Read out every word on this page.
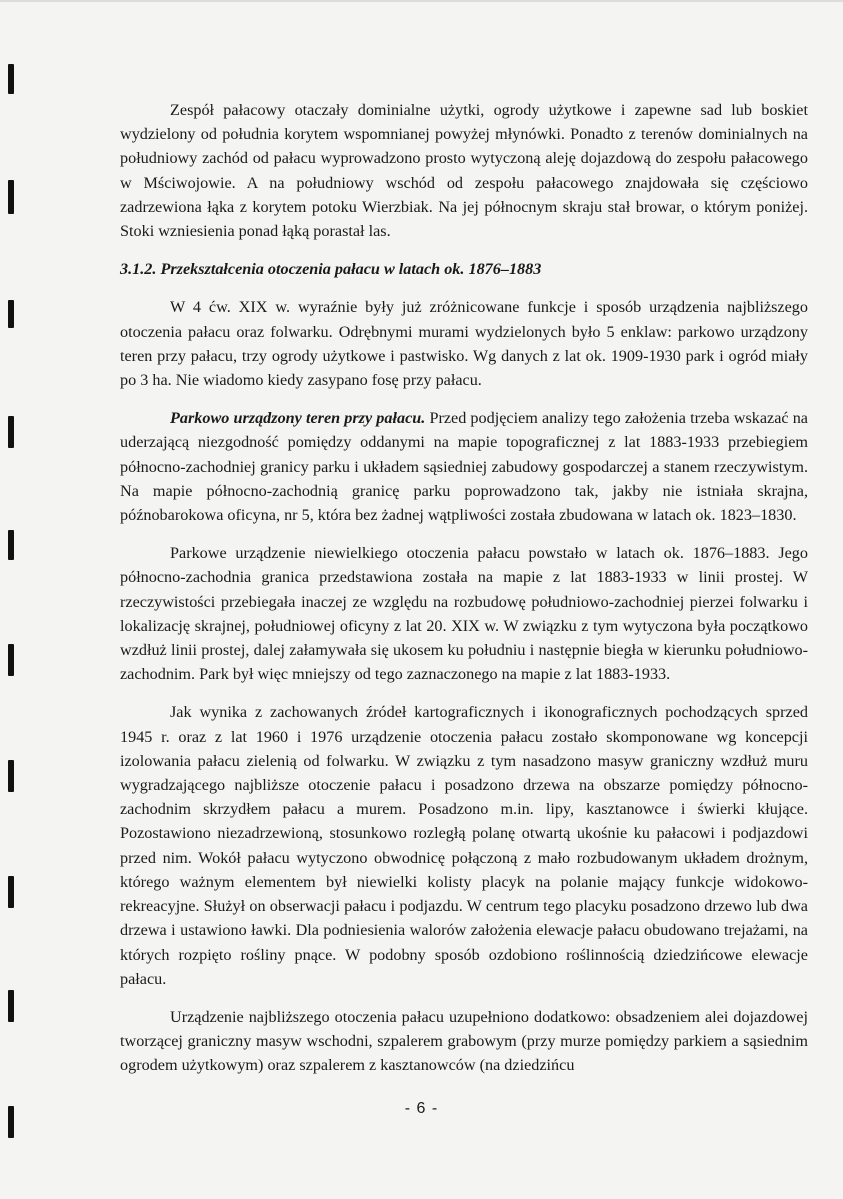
Zespół pałacowy otaczały dominialne użytki, ogrody użytkowe i zapewne sad lub boskiet wydzielony od południa korytem wspomnianej powyżej młynówki. Ponadto z terenów dominialnych na południowy zachód od pałacu wyprowadzono prosto wytyczoną aleję dojazdową do zespołu pałacowego w Mściwojowie. A na południowy wschód od zespołu pałacowego znajdowała się częściowo zadrzewiona łąka z korytem potoku Wierzbiak. Na jej północnym skraju stał browar, o którym poniżej. Stoki wzniesienia ponad łąką porastał las.

3.1.2. Przekształcenia otoczenia pałacu w latach ok. 1876–1883

W 4 ćw. XIX w. wyraźnie były już zróżnicowane funkcje i sposób urządzenia najbliższego otoczenia pałacu oraz folwarku. Odrębnymi murami wydzielonych było 5 enklaw: parkowo urządzony teren przy pałacu, trzy ogrody użytkowe i pastwisko. Wg danych z lat ok. 1909-1930 park i ogród miały po 3 ha. Nie wiadomo kiedy zasypano fosę przy pałacu.

Parkowo urządzony teren przy pałacu. Przed podjęciem analizy tego założenia trzeba wskazać na uderzającą niezgodność pomiędzy oddanymi na mapie topograficznej z lat 1883-1933 przebiegiem północno-zachodniej granicy parku i układem sąsiedniej zabudowy gospodarczej a stanem rzeczywistym. Na mapie północno-zachodnią granicę parku poprowadzono tak, jakby nie istniała skrajna, późnobarokowa oficyna, nr 5, która bez żadnej wątpliwości została zbudowana w latach ok. 1823–1830.

Parkowe urządzenie niewielkiego otoczenia pałacu powstało w latach ok. 1876–1883. Jego północno-zachodnia granica przedstawiona została na mapie z lat 1883-1933 w linii prostej. W rzeczywistości przebiegała inaczej ze względu na rozbudowę południowo-zachodniej pierzei folwarku i lokalizację skrajnej, południowej oficyny z lat 20. XIX w. W związku z tym wytyczona była początkowo wzdłuż linii prostej, dalej załamywała się ukosem ku południu i następnie biegła w kierunku południowo-zachodnim. Park był więc mniejszy od tego zaznaczonego na mapie z lat 1883-1933.

Jak wynika z zachowanych źródeł kartograficznych i ikonograficznych pochodzących sprzed 1945 r. oraz z lat 1960 i 1976 urządzenie otoczenia pałacu zostało skomponowane wg koncepcji izolowania pałacu zielenią od folwarku. W związku z tym nasadzono masyw graniczny wzdłuż muru wygradzającego najbliższe otoczenie pałacu i posadzono drzewa na obszarze pomiędzy północno-zachodnim skrzydłem pałacu a murem. Posadzono m.in. lipy, kasztanowce i świerki kłujące. Pozostawiono niezadrzewioną, stosunkowo rozległą polanę otwartą ukośnie ku pałacowi i podjazdowi przed nim. Wokół pałacu wytyczono obwodnicę połączoną z mało rozbudowanym układem drożnym, którego ważnym elementem był niewielki kolisty placyk na polanie mający funkcje widokowo-rekreacyjne. Służył on obserwacji pałacu i podjazdu. W centrum tego placyku posadzono drzewo lub dwa drzewa i ustawiono ławki. Dla podniesienia walorów założenia elewacje pałacu obudowano trejażami, na których rozpięto rośliny pnące. W podobny sposób ozdobiono roślinnością dziedzińcowe elewacje pałacu.

Urządzenie najbliższego otoczenia pałacu uzupełniono dodatkowo: obsadzeniem alei dojazdowej tworzącej graniczny masyw wschodni, szpalerem grabowym (przy murze pomiędzy parkiem a sąsiednim ogrodem użytkowym) oraz szpalerem z kasztanowców (na dziedzińcu

- 6 -
